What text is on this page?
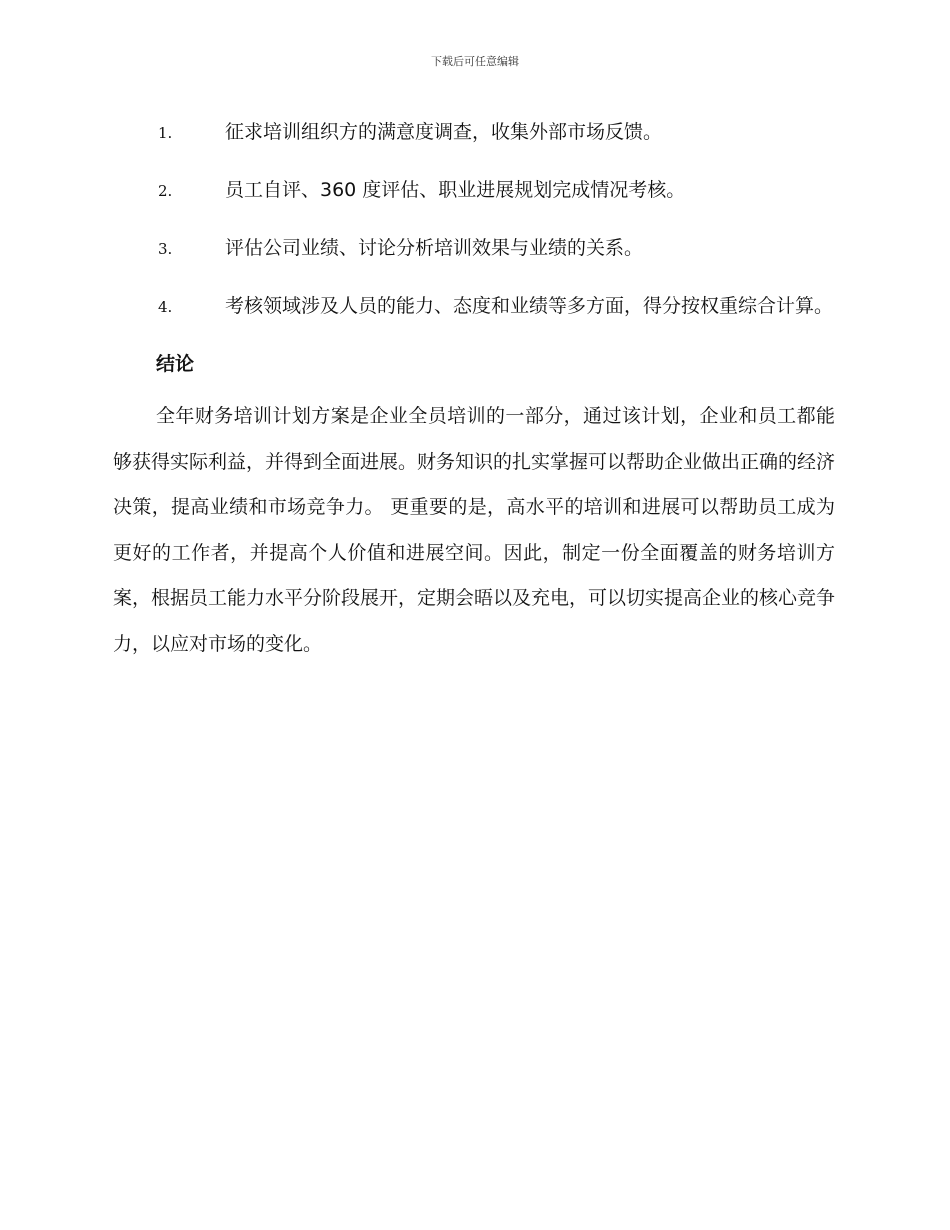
下载后可任意编辑
1.	征求培训组织方的满意度调查，收集外部市场反馈。
2.	员工自评、360 度评估、职业进展规划完成情况考核。
3.	评估公司业绩、讨论分析培训效果与业绩的关系。
4.	考核领域涉及人员的能力、态度和业绩等多方面，得分按权重综合计算。
结论

全年财务培训计划方案是企业全员培训的一部分，通过该计划，企业和员工都能够获得实际利益，并得到全面进展。财务知识的扎实掌握可以帮助企业做出正确的经济决策，提高业绩和市场竞争力。 更重要的是，高水平的培训和进展可以帮助员工成为更好的工作者，并提高个人价值和进展空间。因此，制定一份全面覆盖的财务培训方案，根据员工能力水平分阶段展开，定期会晤以及充电，可以切实提高企业的核心竞争力，以应对市场的变化。
